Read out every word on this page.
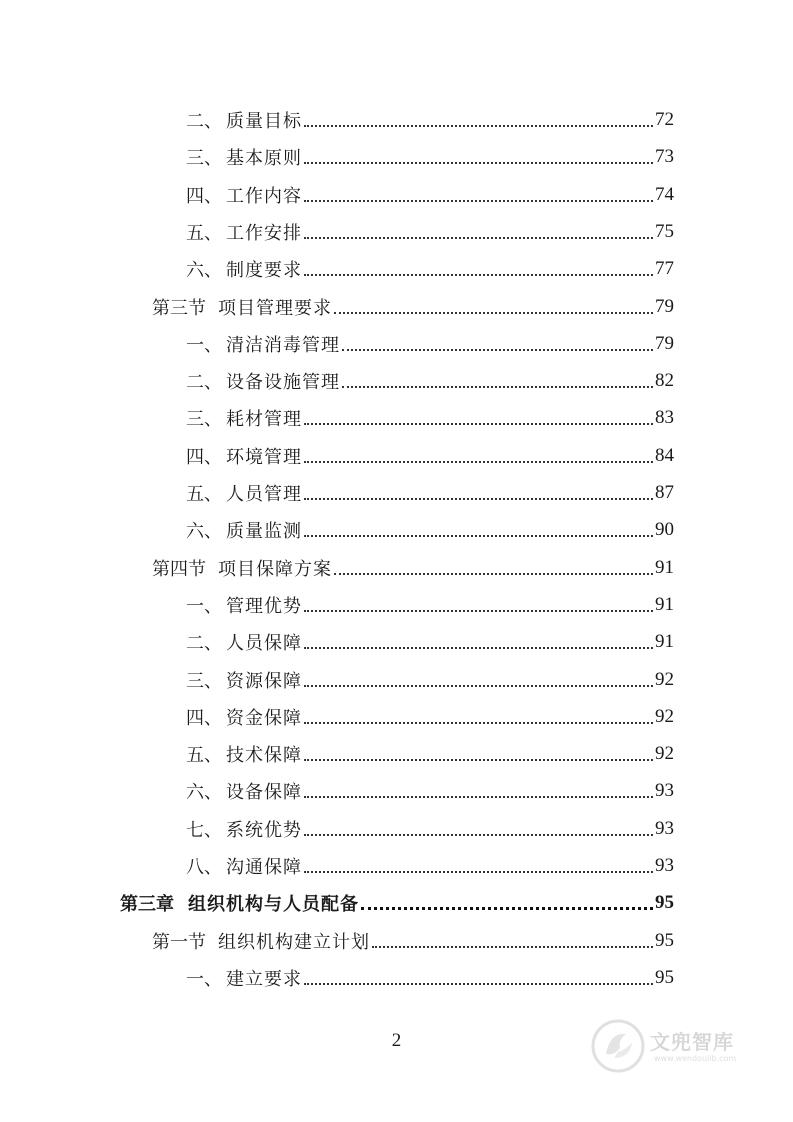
二、 质量目标	72
三、 基本原则	73
四、 工作内容	74
五、 工作安排	75
六、 制度要求	77
第三节 项目管理要求	79
一、 清洁消毒管理	79
二、 设备设施管理	82
三、 耗材管理	83
四、 环境管理	84
五、 人员管理	87
六、 质量监测	90
第四节 项目保障方案	91
一、 管理优势	91
二、 人员保障	91
三、 资源保障	92
四、 资金保障	92
五、 技术保障	92
六、 设备保障	93
七、 系统优势	93
八、 沟通保障	93
第三章 组织机构与人员配备	95
第一节 组织机构建立计划	95
一、 建立要求	95
2	文兜智库
www.wendoulib.com
